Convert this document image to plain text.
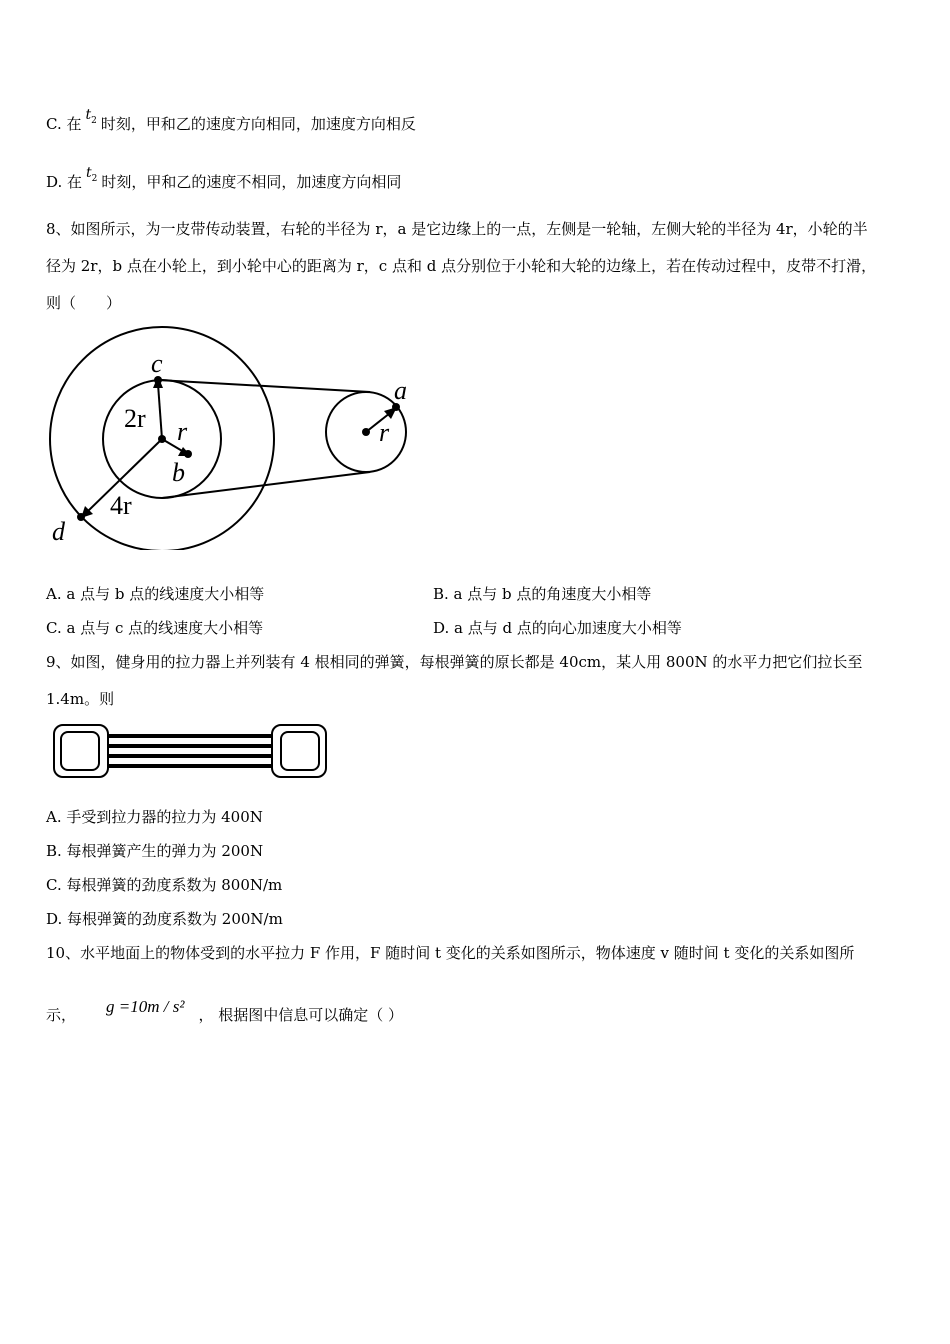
C. 在 $t_2$ 时刻，甲和乙的速度方向相同，加速度方向相反
D. 在 $t_2$ 时刻，甲和乙的速度不相同，加速度方向相同
8、如图所示，为一皮带传动装置，右轮的半径为 r，a 是它边缘上的一点，左侧是一轮轴，左侧大轮的半径为 4r，小轮的半
径为 2r，b 点在小轮上，到小轮中心的距离为 r，c 点和 d 点分别位于小轮和大轮的边缘上，若在传动过程中，皮带不打滑，
则（　　）
c
2r r
b
4r
d
a
r
A. a 点与 b 点的线速度大小相等	B. a 点与 b 点的角速度大小相等
C. a 点与 c 点的线速度大小相等	D. a 点与 d 点的向心加速度大小相等
9、如图，健身用的拉力器上并列装有 4 根相同的弹簧，每根弹簧的原长都是 40cm，某人用 800N 的水平力把它们拉长至
1.4m。则
A. 手受到拉力器的拉力为 400N
B. 每根弹簧产生的弹力为 200N
C. 每根弹簧的劲度系数为 800N/m
D. 每根弹簧的劲度系数为 200N/m
10、水平地面上的物体受到的水平拉力 F 作用，F 随时间 t 变化的关系如图所示，物体速度 v 随时间 t 变化的关系如图所
示， g =10m / s² ， 根据图中信息可以确定（ ）
